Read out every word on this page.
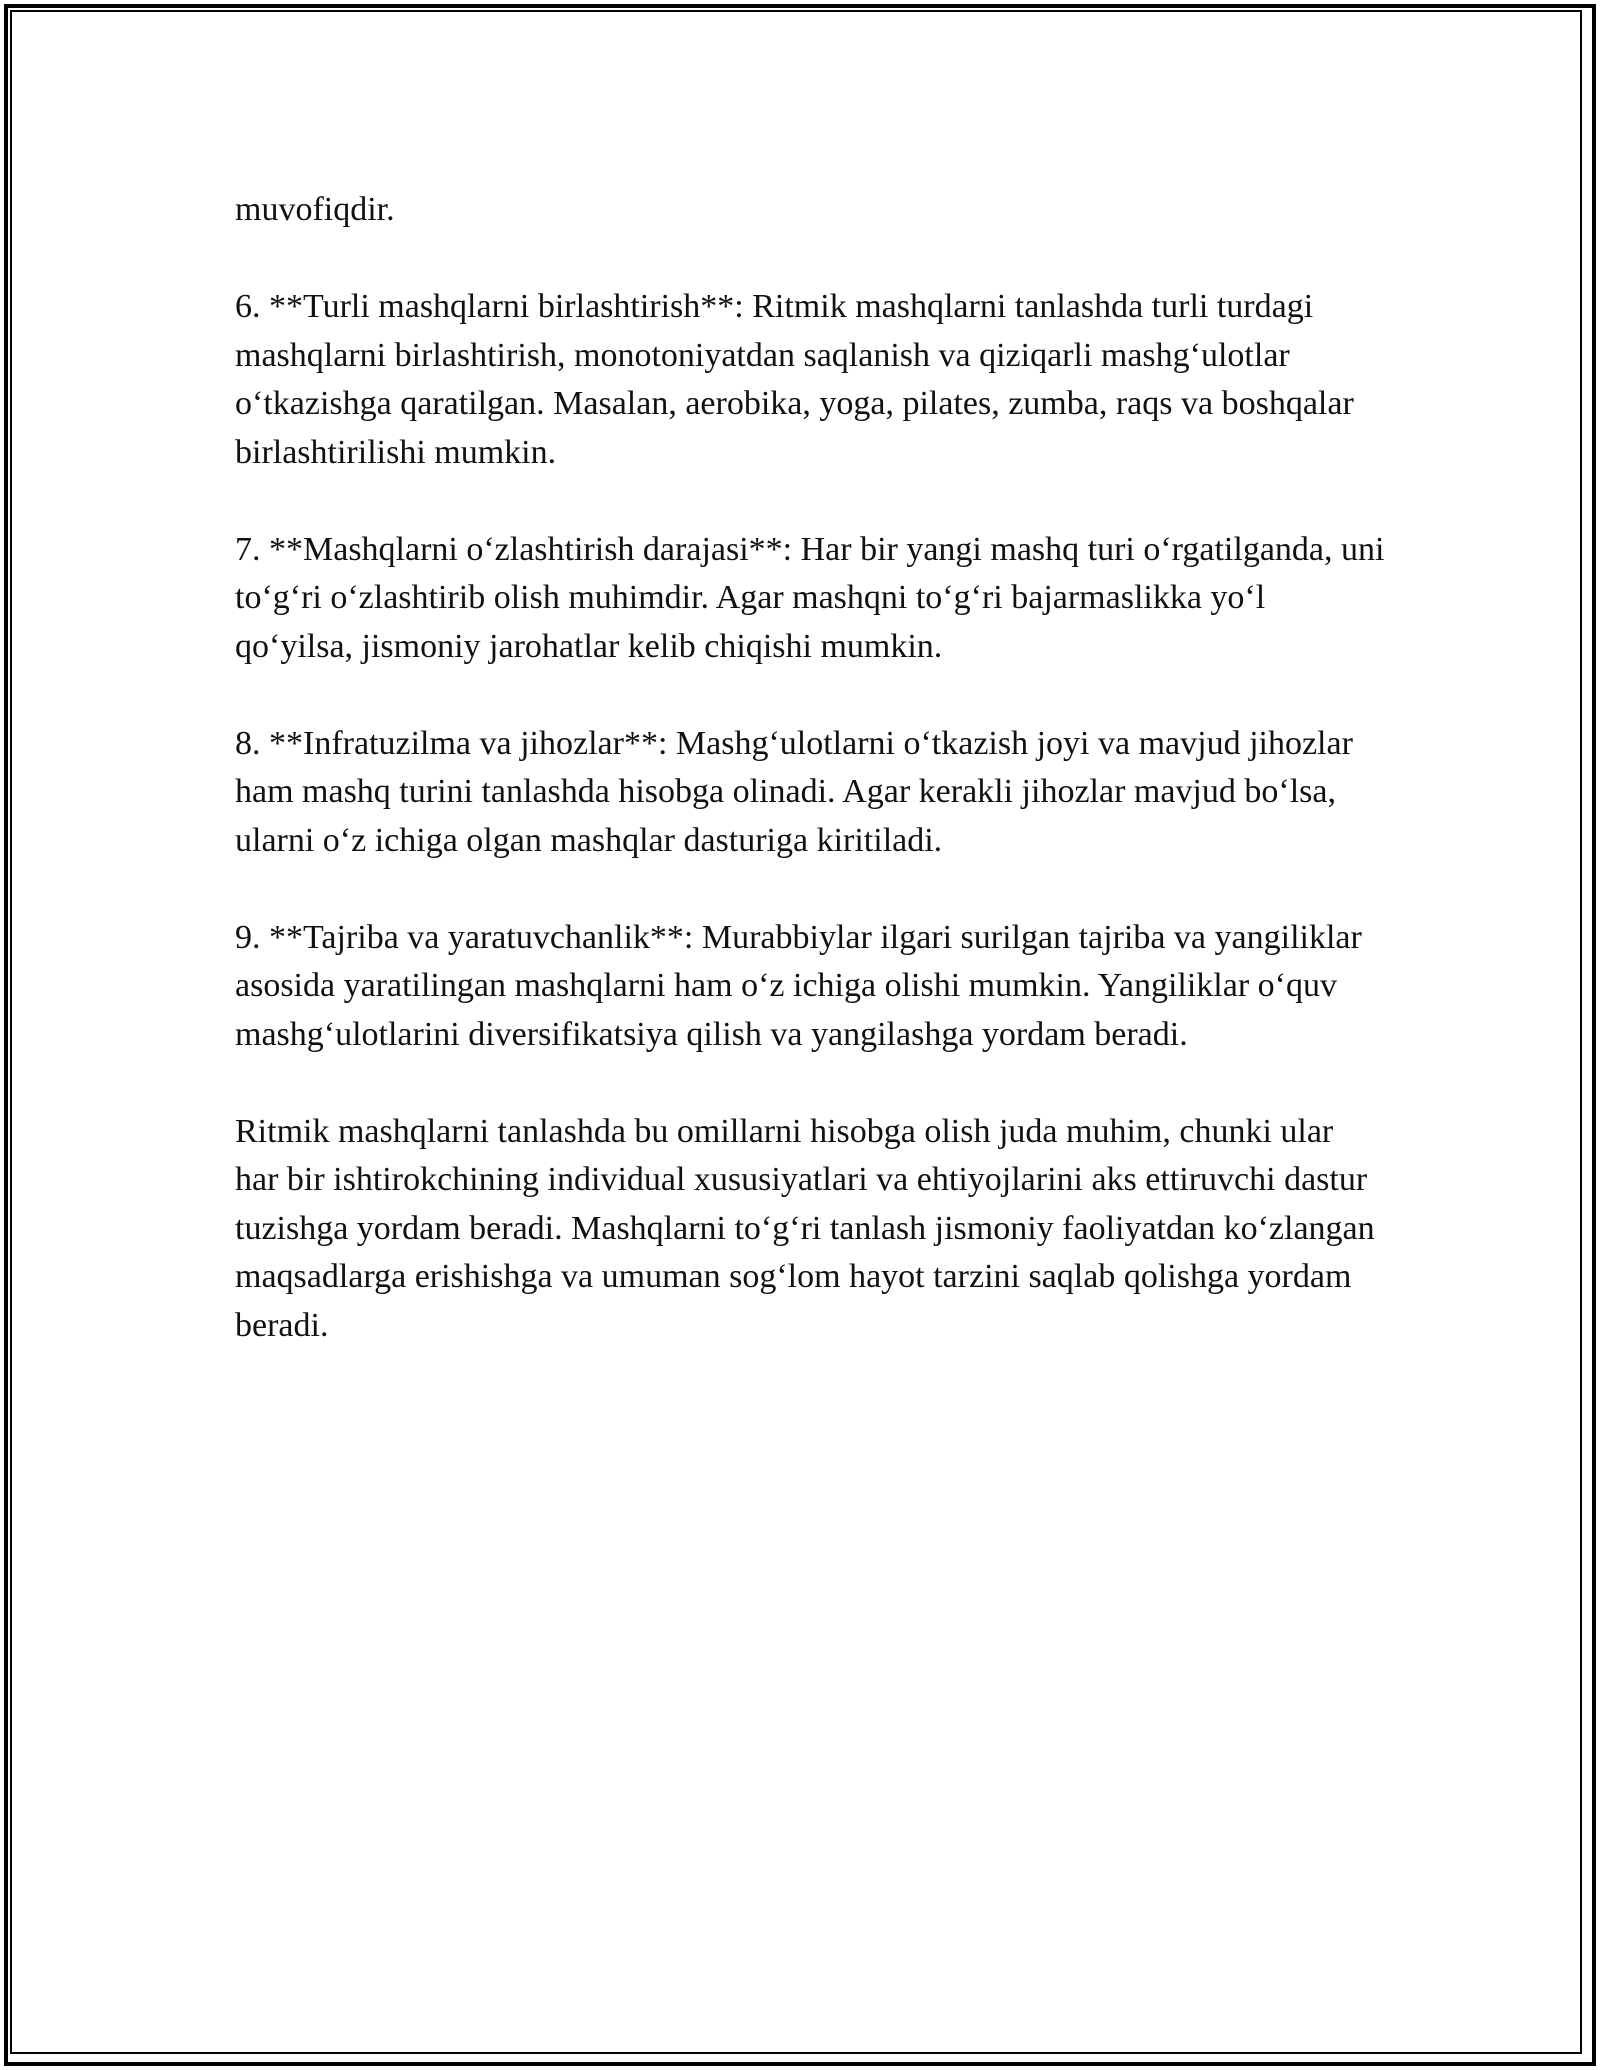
muvofiqdir.

6. **Turli mashqlarni birlashtirish**: Ritmik mashqlarni tanlashda turli turdagi mashqlarni birlashtirish, monotoniyatdan saqlanish va qiziqarli mashg‘ulotlar o‘tkazishga qaratilgan. Masalan, aerobika, yoga, pilates, zumba, raqs va boshqalar birlashtirilishi mumkin.

7. **Mashqlarni o‘zlashtirish darajasi**: Har bir yangi mashq turi o‘rgatilganda, uni to‘g‘ri o‘zlashtirib olish muhimdir. Agar mashqni to‘g‘ri bajarmaslikka yo‘l qo‘yilsa, jismoniy jarohatlar kelib chiqishi mumkin.

8. **Infratuzilma va jihozlar**: Mashg‘ulotlarni o‘tkazish joyi va mavjud jihozlar ham mashq turini tanlashda hisobga olinadi. Agar kerakli jihozlar mavjud bo‘lsa, ularni o‘z ichiga olgan mashqlar dasturiga kiritiladi.

9. **Tajriba va yaratuvchanlik**: Murabbiylar ilgari surilgan tajriba va yangiliklar asosida yaratilingan mashqlarni ham o‘z ichiga olishi mumkin. Yangiliklar o‘quv mashg‘ulotlarini diversifikatsiya qilish va yangilashga yordam beradi.

Ritmik mashqlarni tanlashda bu omillarni hisobga olish juda muhim, chunki ular har bir ishtirokchining individual xususiyatlari va ehtiyojlarini aks ettiruvchi dastur tuzishga yordam beradi. Mashqlarni to‘g‘ri tanlash jismoniy faoliyatdan ko‘zlangan maqsadlarga erishishga va umuman sog‘lom hayot tarzini saqlab qolishga yordam beradi.
